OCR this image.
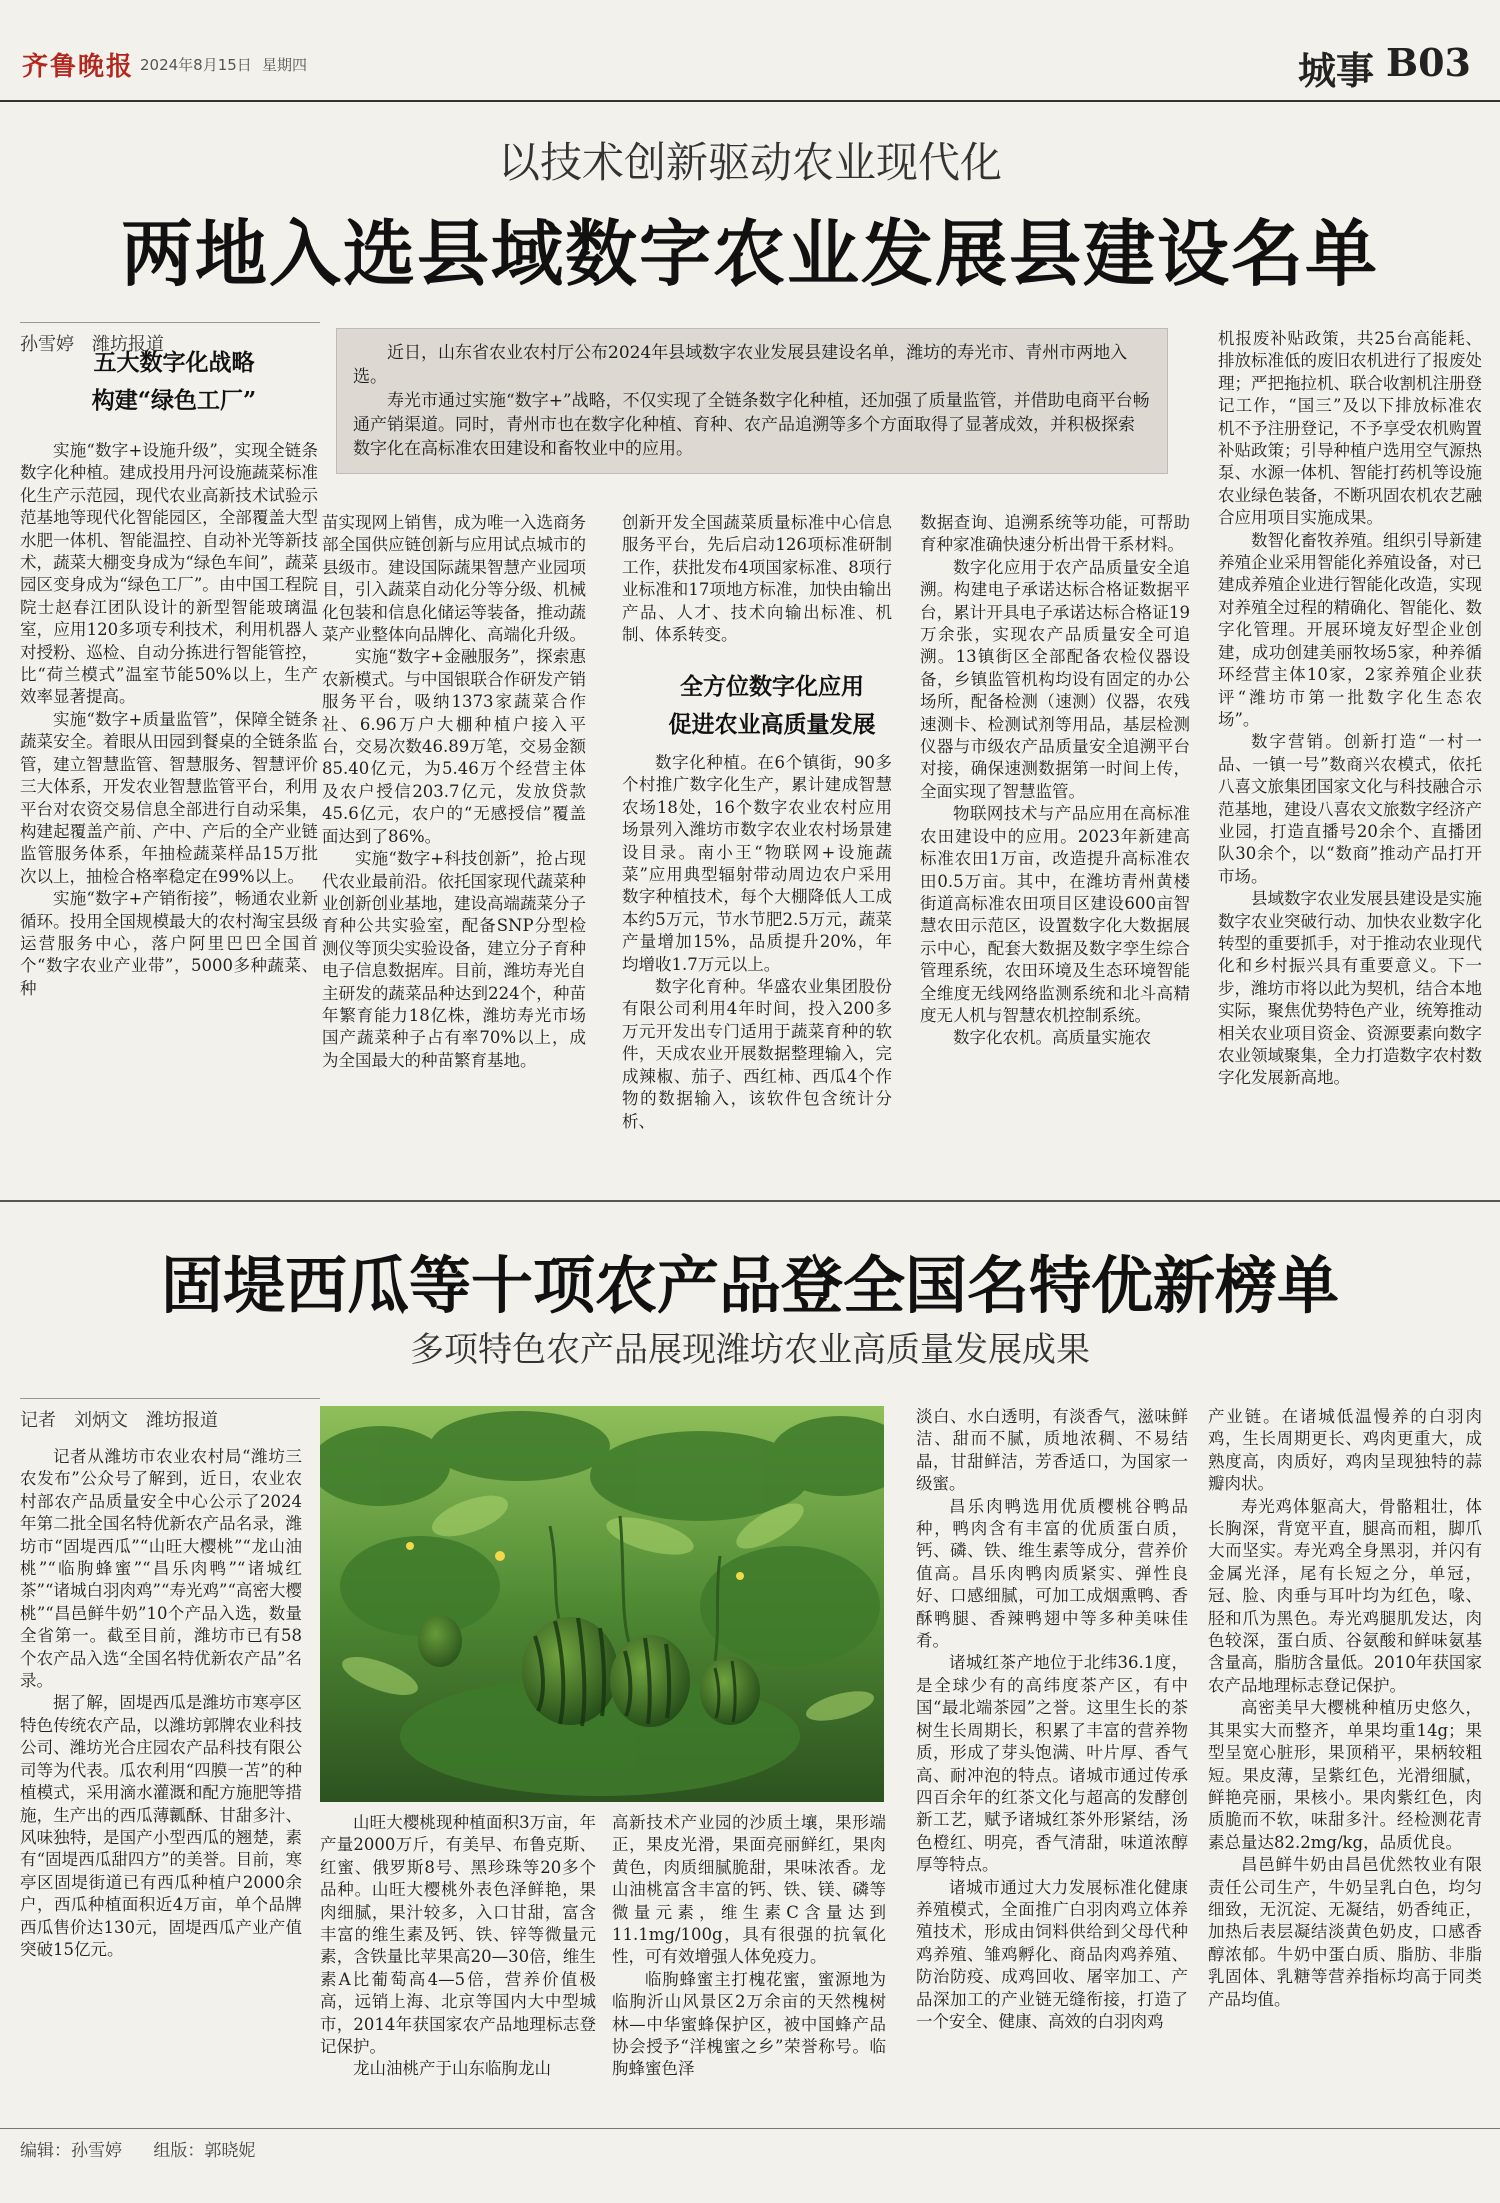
齐鲁晚报 2024年8月15日 星期四	城事 B03
以技术创新驱动农业现代化
两地入选县域数字农业发展县建设名单
孙雪婷　潍坊报道	近日，山东省农业农村厅公布2024年县域数字农业发展县建设名单，潍坊的寿光市、青州市两地入选。

寿光市通过实施“数字+”战略，不仅实现了全链条数字化种植，还加强了质量监管，并借助电商平台畅通产销渠道。同时，青州市也在数字化种植、育种、农产品追溯等多个方面取得了显著成效，并积极探索数字化在高标准农田建设和畜牧业中的应用。

五大数字化战略
构建“绿色工厂”

实施“数字+设施升级”，实现全链条数字化种植。建成投用丹河设施蔬菜标准化生产示范园，现代农业高新技术试验示范基地等现代化智能园区，全部覆盖大型水肥一体机、智能温控、自动补光等新技术，蔬菜大棚变身成为“绿色车间”，蔬菜园区变身成为“绿色工厂”。由中国工程院院士赵春江团队设计的新型智能玻璃温室，应用120多项专利技术，利用机器人对授粉、巡检、自动分拣进行智能管控，比“荷兰模式”温室节能50%以上，生产效率显著提高。

实施“数字+质量监管”，保障全链条蔬菜安全。着眼从田园到餐桌的全链条监管，建立智慧监管、智慧服务、智慧评价三大体系，开发农业智慧监管平台，利用平台对农资交易信息全部进行自动采集，构建起覆盖产前、产中、产后的全产业链监管服务体系，年抽检蔬菜样品15万批次以上，抽检合格率稳定在99%以上。

实施“数字+产销衔接”，畅通农业新循环。投用全国规模最大的农村淘宝县级运营服务中心，落户阿里巴巴全国首个“数字农业产业带”，5000多种蔬菜、种

苗实现网上销售，成为唯一入选商务部全国供应链创新与应用试点城市的县级市。建设国际蔬果智慧产业园项目，引入蔬菜自动化分等分级、机械化包装和信息化储运等装备，推动蔬菜产业整体向品牌化、高端化升级。

实施“数字+金融服务”，探索惠农新模式。与中国银联合作研发产销服务平台，吸纳1373家蔬菜合作社、6.96万户大棚种植户接入平台，交易次数46.89万笔，交易金额85.40亿元，为5.46万个经营主体及农户授信203.7亿元，发放贷款45.6亿元，农户的“无感授信”覆盖面达到了86%。

实施“数字+科技创新”，抢占现代农业最前沿。依托国家现代蔬菜种业创新创业基地，建设高端蔬菜分子育种公共实验室，配备SNP分型检测仪等顶尖实验设备，建立分子育种电子信息数据库。目前，潍坊寿光自主研发的蔬菜品种达到224个，种苗年繁育能力18亿株，潍坊寿光市场国产蔬菜种子占有率70%以上，成为全国最大的种苗繁育基地。

创新开发全国蔬菜质量标准中心信息服务平台，先后启动126项标准研制工作，获批发布4项国家标准、8项行业标准和17项地方标准，加快由输出产品、人才、技术向输出标准、机制、体系转变。

全方位数字化应用
促进农业高质量发展

数字化种植。在6个镇街，90多个村推广数字化生产，累计建成智慧农场18处，16个数字农业农村应用场景列入潍坊市数字农业农村场景建设目录。南小王“物联网+设施蔬菜”应用典型辐射带动周边农户采用数字种植技术，每个大棚降低人工成本约5万元，节水节肥2.5万元，蔬菜产量增加15%，品质提升20%，年均增收1.7万元以上。

数字化育种。华盛农业集团股份有限公司利用4年时间，投入200多万元开发出专门适用于蔬菜育种的软件，天成农业开展数据整理输入，完成辣椒、茄子、西红柿、西瓜4个作物的数据输入，该软件包含统计分析、

数据查询、追溯系统等功能，可帮助育种家准确快速分析出骨干系材料。

数字化应用于农产品质量安全追溯。构建电子承诺达标合格证数据平台，累计开具电子承诺达标合格证19万余张，实现农产品质量安全可追溯。13镇街区全部配备农检仪器设备，乡镇监管机构均设有固定的办公场所，配备检测（速测）仪器，农残速测卡、检测试剂等用品，基层检测仪器与市级农产品质量安全追溯平台对接，确保速测数据第一时间上传，全面实现了智慧监管。

物联网技术与产品应用在高标准农田建设中的应用。2023年新建高标准农田1万亩，改造提升高标准农田0.5万亩。其中，在潍坊青州黄楼街道高标准农田项目区建设600亩智慧农田示范区，设置数字化大数据展示中心，配套大数据及数字孪生综合管理系统，农田环境及生态环境智能全维度无线网络监测系统和北斗高精度无人机与智慧农机控制系统。

数字化农机。高质量实施农

机报废补贴政策，共25台高能耗、排放标准低的废旧农机进行了报废处理；严把拖拉机、联合收割机注册登记工作，“国三”及以下排放标准农机不予注册登记，不予享受农机购置补贴政策；引导种植户选用空气源热泵、水源一体机、智能打药机等设施农业绿色装备，不断巩固农机农艺融合应用项目实施成果。

数智化畜牧养殖。组织引导新建养殖企业采用智能化养殖设备，对已建成养殖企业进行智能化改造，实现对养殖全过程的精确化、智能化、数字化管理。开展环境友好型企业创建，成功创建美丽牧场5家，种养循环经营主体10家，2家养殖企业获评“潍坊市第一批数字化生态农场”。

数字营销。创新打造“一村一品、一镇一号”数商兴农模式，依托八喜文旅集团国家文化与科技融合示范基地，建设八喜农文旅数字经济产业园，打造直播号20余个、直播团队30余个，以“数商”推动产品打开市场。

县域数字农业发展县建设是实施数字农业突破行动、加快农业数字化转型的重要抓手，对于推动农业现代化和乡村振兴具有重要意义。下一步，潍坊市将以此为契机，结合本地实际，聚焦优势特色产业，统筹推动相关农业项目资金、资源要素向数字农业领域聚集，全力打造数字农村数字化发展新高地。

固堤西瓜等十项农产品登全国名特优新榜单
多项特色农产品展现潍坊农业高质量发展成果
记者　刘炳文　潍坊报道

记者从潍坊市农业农村局“潍坊三农发布”公众号了解到，近日，农业农村部农产品质量安全中心公示了2024年第二批全国名特优新农产品名录，潍坊市“固堤西瓜”“山旺大樱桃”“龙山油桃”“临朐蜂蜜”“昌乐肉鸭”“诸城红茶”“诸城白羽肉鸡”“寿光鸡”“高密大樱桃”“昌邑鲜牛奶”10个产品入选，数量全省第一。截至目前，潍坊市已有58个农产品入选“全国名特优新农产品”名录。

据了解，固堤西瓜是潍坊市寒亭区特色传统农产品，以潍坊郭牌农业科技公司、潍坊光合庄园农产品科技有限公司等为代表。瓜农利用“四膜一苫”的种植模式，采用滴水灌溉和配方施肥等措施，生产出的西瓜薄瓤酥、甘甜多汁、风味独特，是国产小型西瓜的翘楚，素有“固堤西瓜甜四方”的美誉。目前，寒亭区固堤街道已有西瓜种植户2000余户，西瓜种植面积近4万亩，单个品牌西瓜售价达130元，固堤西瓜产业产值突破15亿元。

山旺大樱桃现种植面积3万亩，年产量2000万斤，有美早、布鲁克斯、红蜜、俄罗斯8号、黑珍珠等20多个品种。山旺大樱桃外表色泽鲜艳，果肉细腻，果汁较多，入口甘甜，富含丰富的维生素及钙、铁、锌等微量元素，含铁量比苹果高20—30倍，维生素A比葡萄高4—5倍，营养价值极高，远销上海、北京等国内大中型城市，2014年获国家农产品地理标志登记保护。

龙山油桃产于山东临朐龙山

高新技术产业园的沙质土壤，果形端正，果皮光滑，果面亮丽鲜红，果肉黄色，肉质细腻脆甜，果味浓香。龙山油桃富含丰富的钙、铁、镁、磷等微量元素，维生素C含量达到11.1mg/100g，具有很强的抗氧化性，可有效增强人体免疫力。

临朐蜂蜜主打槐花蜜，蜜源地为临朐沂山风景区2万余亩的天然槐树林—中华蜜蜂保护区，被中国蜂产品协会授予“洋槐蜜之乡”荣誉称号。临朐蜂蜜色泽

淡白、水白透明，有淡香气，滋味鲜洁、甜而不腻，质地浓稠、不易结晶，甘甜鲜洁，芳香适口，为国家一级蜜。

昌乐肉鸭选用优质樱桃谷鸭品种，鸭肉含有丰富的优质蛋白质，钙、磷、铁、维生素等成分，营养价值高。昌乐肉鸭肉质紧实、弹性良好、口感细腻，可加工成烟熏鸭、香酥鸭腿、香辣鸭翅中等多种美味佳肴。

诸城红茶产地位于北纬36.1度，是全球少有的高纬度茶产区，有中国“最北端茶园”之誉。这里生长的茶树生长周期长，积累了丰富的营养物质，形成了芽头饱满、叶片厚、香气高、耐冲泡的特点。诸城市通过传承四百余年的红茶文化与超高的发酵创新工艺，赋予诸城红茶外形紧结，汤色橙红、明亮，香气清甜，味道浓醇厚等特点。

诸城市通过大力发展标准化健康养殖模式，全面推广白羽肉鸡立体养殖技术，形成由饲料供给到父母代种鸡养殖、雏鸡孵化、商品肉鸡养殖、防治防疫、成鸡回收、屠宰加工、产品深加工的产业链无缝衔接，打造了一个安全、健康、高效的白羽肉鸡

产业链。在诸城低温慢养的白羽肉鸡，生长周期更长、鸡肉更重大，成熟度高，肉质好，鸡肉呈现独特的蒜瓣肉状。

寿光鸡体躯高大，骨骼粗壮，体长胸深，背宽平直，腿高而粗，脚爪大而坚实。寿光鸡全身黑羽，并闪有金属光泽，尾有长短之分，单冠，冠、脸、肉垂与耳叶均为红色，喙、胫和爪为黑色。寿光鸡腿肌发达，肉色较深，蛋白质、谷氨酸和鲜味氨基含量高，脂肪含量低。2010年获国家农产品地理标志登记保护。

高密美早大樱桃种植历史悠久，其果实大而整齐，单果均重14g；果型呈宽心脏形，果顶稍平，果柄较粗短。果皮薄，呈紫红色，光滑细腻，鲜艳亮丽，果核小。果肉紫红色，肉质脆而不软，味甜多汁。经检测花青素总量达82.2mg/kg，品质优良。

昌邑鲜牛奶由昌邑优然牧业有限责任公司生产，牛奶呈乳白色，均匀细致，无沉淀、无凝结，奶香纯正，加热后表层凝结淡黄色奶皮，口感香醇浓郁。牛奶中蛋白质、脂肪、非脂乳固体、乳糖等营养指标均高于同类产品均值。

编辑：孙雪婷 组版：郭晓妮
